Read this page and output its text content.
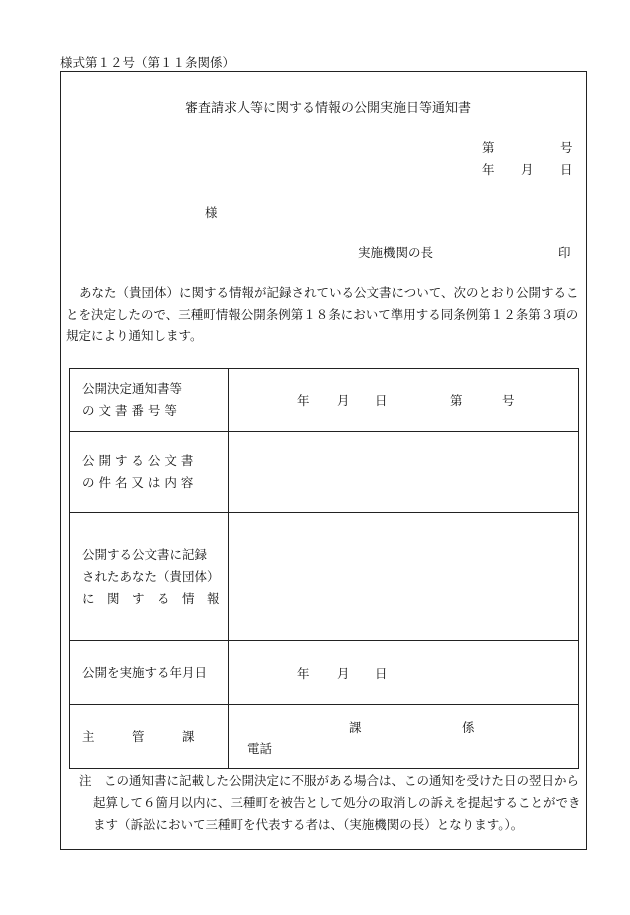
様式第１２号（第１１条関係）
審査請求人等に関する情報の公開実施日等通知書
第	号
年 月 日
様
実施機関の長	印
あなた（貴団体）に関する情報が記録されている公文書について、次のとおり公開するこ
とを決定したので、三種町情報公開条例第１８条において準用する同条例第１２条第３項の
規定により通知します。
公開決定通知書等
の 文 書 番 号 等	年 月 日 第 号

公 開 す る 公 文 書
の 件 名 又 は 内 容	

公開する公文書に記録
されたあなた（貴団体）
に　関　す　る　情　報	

公開を実施する年月日	年 月 日

主　　　管　　　課	課 係
電話
注　この通知書に記載した公開決定に不服がある場合は、この通知を受けた日の翌日から
起算して６箇月以内に、三種町を被告として処分の取消しの訴えを提起することができ
ます（訴訟において三種町を代表する者は、（実施機関の長）となります。）。
